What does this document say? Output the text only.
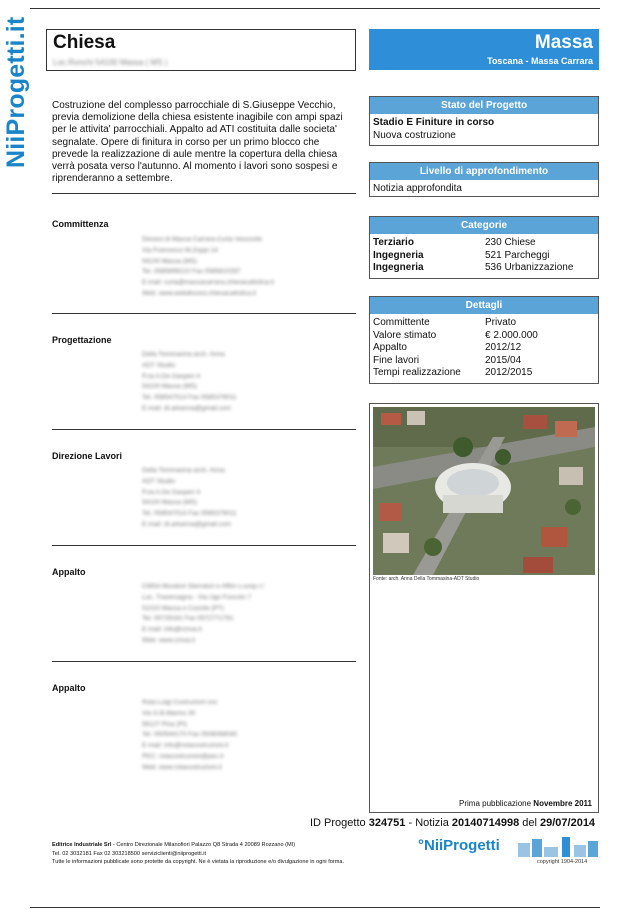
NiiProgetti.it Chiesa
Loc.Ronchi 54100 Massa ( MS )
Massa
Toscana - Massa Carrara
Costruzione del complesso parrocchiale di S.Giuseppe Vecchio, previa demolizione della chiesa esistente inagibile con ampi spazi per le attivita' parrocchiali. Appalto ad ATI costituita dalle societa' segnalate. Opere di finitura in corso per un primo blocco che prevede la realizzazione di aule mentre la copertura della chiesa verrà posata verso l'autunno. Al momento i lavori sono sospesi e riprenderanno a settembre.
Committenza
Diocesi di Massa Carrara-Curia Vescovile
Via Francesco M.Zoppi 14
54100 Massa (MS)
Tel. 0585899210 Fax 0585810287
E-mail: curia@massacarrara.chiesacattolica.it
Web: www.webdiocesi.chiesacattolica.it
Progettazione
Della Tommasina arch. Anna
ADT Studio
P.za A.De Gasperi 4
54100 Massa (MS)
Tel. 058547014 Fax 0585379011
E-mail: dt.arkanna@gmail.com
Direzione Lavori
Della Tommasina arch. Anna
ADT Studio
P.za A.De Gasperi 4
54100 Massa (MS)
Tel. 058547014 Fax 0585379011
E-mail: dt.arkanna@gmail.com
Appalto
CMSA Muratori Sterratori e Affini s.coop.r.l
Loc. Traversagna - Via Ugo Foscolo 7
51010 Massa e Cozzile (PT)
Tel. 05729181 Fax 0572771791
E-mail: info@cmsa.it
Web: www.cmsa.it
Appalto
Rota Luigi Costruzioni snc
Via G.B.Marmo 30
56127 Pisa (PI)
Tel. 050544170 Fax 0506068040
E-mail: info@rotacostruzioni.it
PEC: rotacostruzioni@pec.it
Web: www.rotacostruzioni.it
Stato del Progetto
Stadio E Finiture in corso
Nuova costruzione
Livello di approfondimento
Notizia approfondita
Categorie
Terziario	230 Chiese
Ingegneria	521 Parcheggi
Ingegneria	536 Urbanizzazione
Dettagli
Committente	Privato
Valore stimato	€ 2.000.000
Appalto	2012/12
Fine lavori	2015/04
Tempi realizzazione	2012/2015
Fonte: arch. Anna Della Tommasina-ADT Studio
Prima pubblicazione Novembre 2011
ID Progetto 324751 - Notizia 20140714998 del 29/07/2014
Editrice Industriale Srl - Centro Direzionale Milanofiori Palazzo Q8 Strada 4 20089 Rozzano (MI)
Tel. 02 3032181 Fax 02 303218500 serviziclienti@niiprogetti.it
Tutte le informazioni pubblicate sono protette da copyright. Ne è vietata la riproduzione e/o divulgazione in ogni forma.
°NiiProgetti
copyright 1904-2014
